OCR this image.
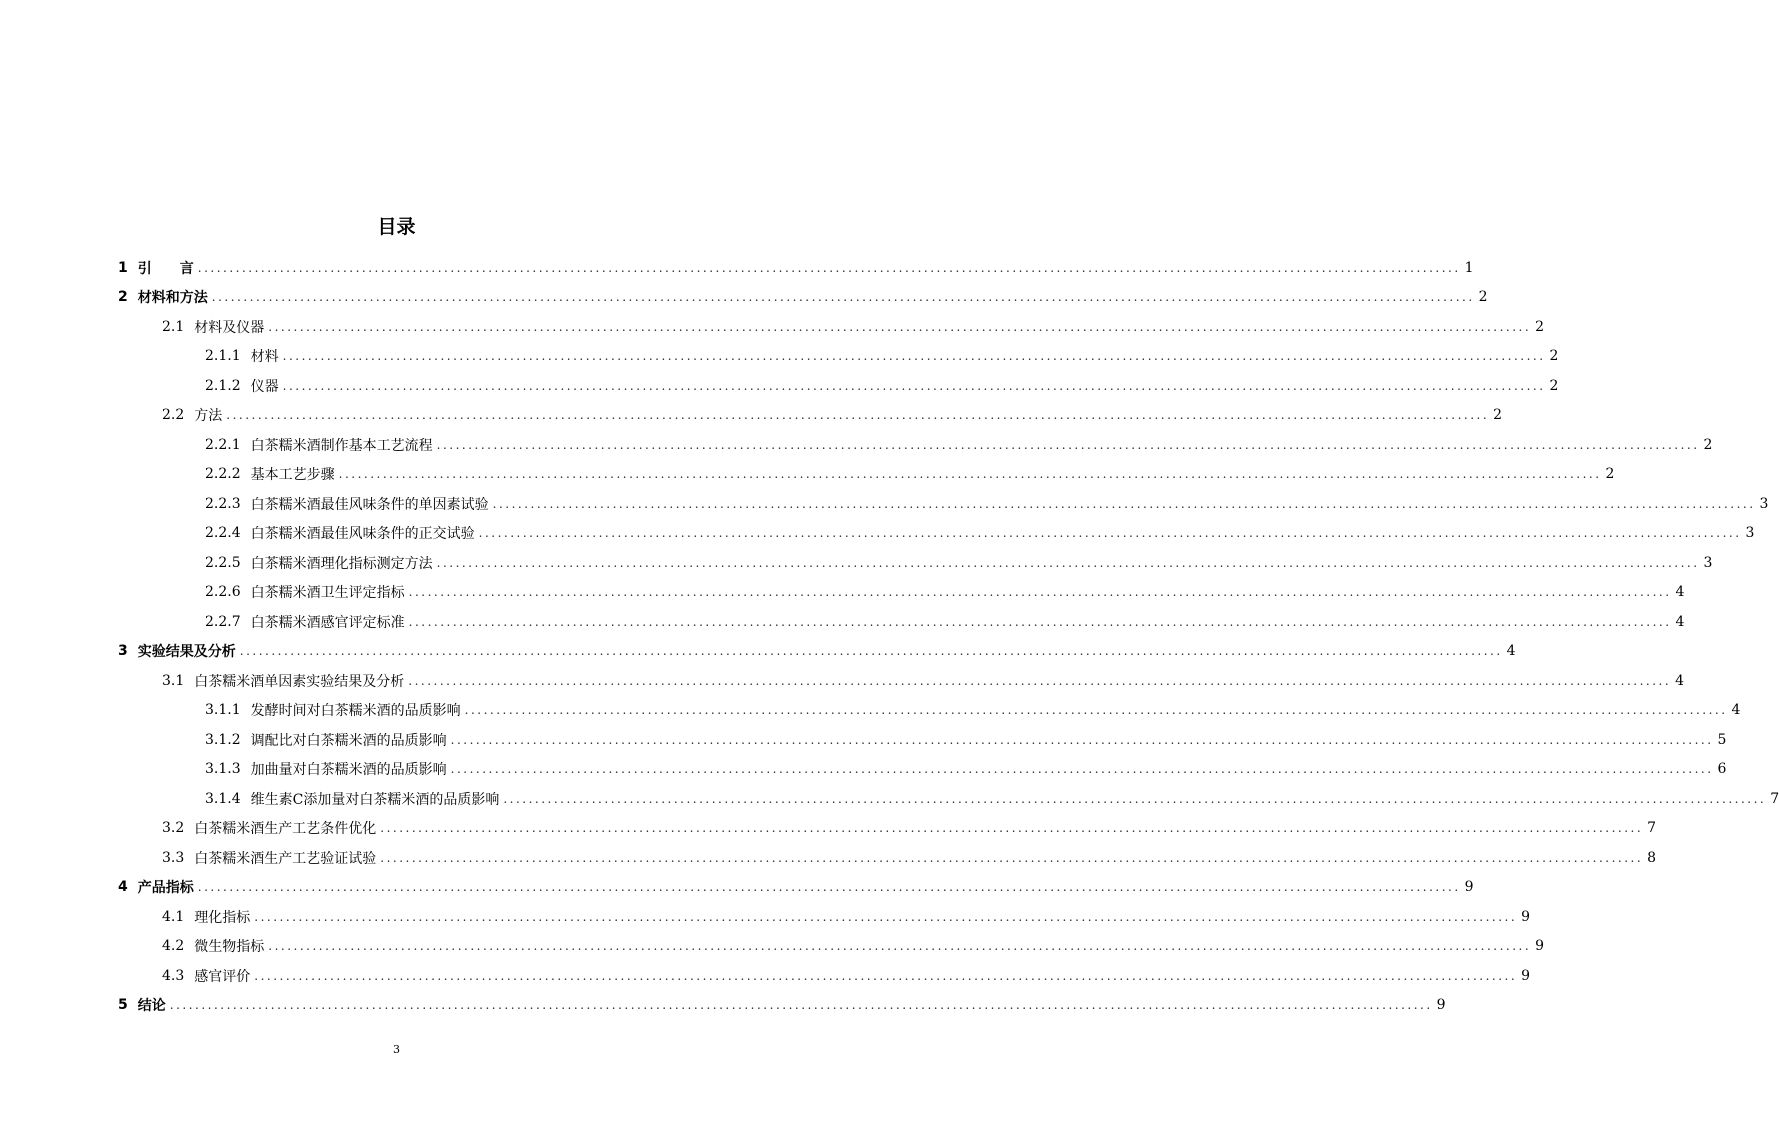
目录
1 引　　言 ........................................................................................................................................................................................................ 1
2 材料和方法 ........................................................................................................................................................................................................ 2
2.1 材料及仪器 ........................................................................................................................................................................................................ 2
2.1.1 材料 ........................................................................................................................................................................................................ 2
2.1.2 仪器 ........................................................................................................................................................................................................ 2
2.2 方法 ........................................................................................................................................................................................................ 2
2.2.1 白茶糯米酒制作基本工艺流程 ........................................................................................................................................................................................................ 2
2.2.2 基本工艺步骤 ........................................................................................................................................................................................................ 2
2.2.3 白茶糯米酒最佳风味条件的单因素试验 ........................................................................................................................................................................................................ 3
2.2.4 白茶糯米酒最佳风味条件的正交试验 ........................................................................................................................................................................................................ 3
2.2.5 白茶糯米酒理化指标测定方法 ........................................................................................................................................................................................................ 3
2.2.6 白茶糯米酒卫生评定指标 ........................................................................................................................................................................................................ 4
2.2.7 白茶糯米酒感官评定标准 ........................................................................................................................................................................................................ 4
3 实验结果及分析 ........................................................................................................................................................................................................ 4
3.1 白茶糯米酒单因素实验结果及分析 ........................................................................................................................................................................................................ 4
3.1.1 发酵时间对白茶糯米酒的品质影响 ........................................................................................................................................................................................................ 4
3.1.2 调配比对白茶糯米酒的品质影响 ........................................................................................................................................................................................................ 5
3.1.3 加曲量对白茶糯米酒的品质影响 ........................................................................................................................................................................................................ 6
3.1.4 维生素C添加量对白茶糯米酒的品质影响 ........................................................................................................................................................................................................ 7
3.2 白茶糯米酒生产工艺条件优化 ........................................................................................................................................................................................................ 7
3.3 白茶糯米酒生产工艺验证试验 ........................................................................................................................................................................................................ 8
4 产品指标 ........................................................................................................................................................................................................ 9
4.1 理化指标 ........................................................................................................................................................................................................ 9
4.2 微生物指标 ........................................................................................................................................................................................................ 9
4.3 感官评价 ........................................................................................................................................................................................................ 9
5 结论 ........................................................................................................................................................................................................ 9
3
